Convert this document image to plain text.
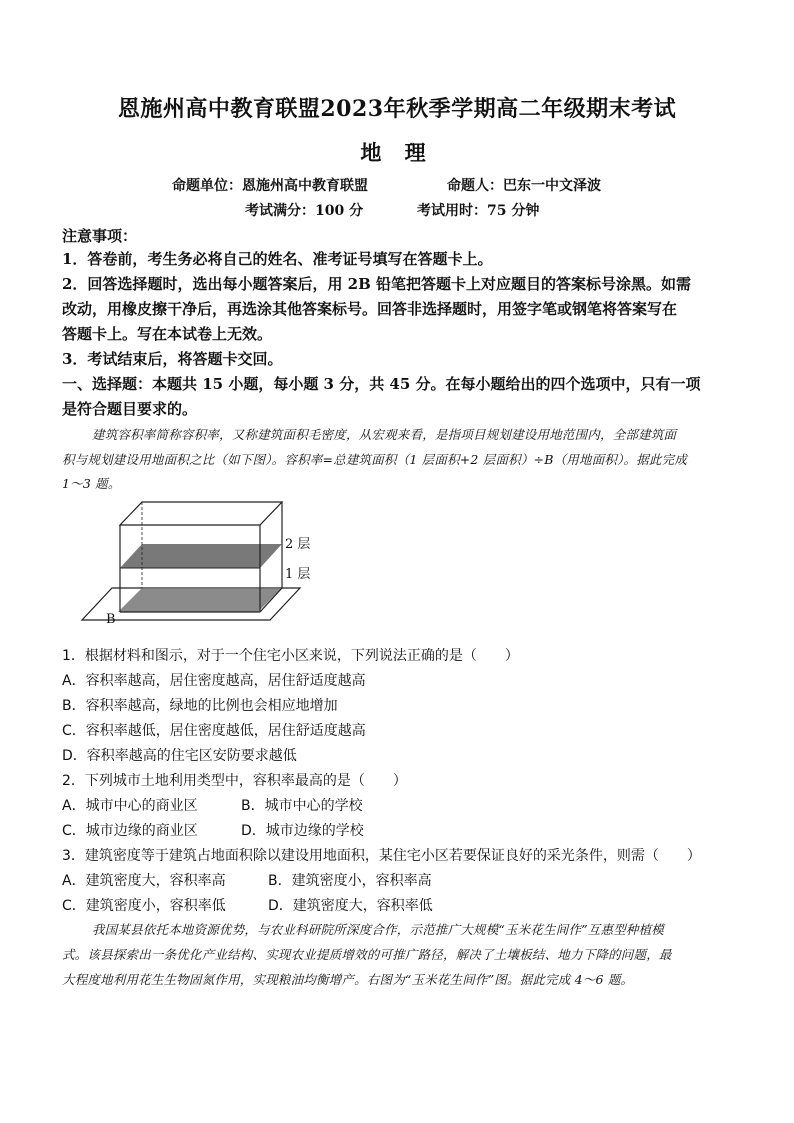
恩施州高中教育联盟2023年秋季学期高二年级期末考试
地 理
命题单位：恩施州高中教育联盟	命题人：巴东一中文泽波
考试满分：100 分	考试用时：75 分钟
注意事项：
1．答卷前，考生务必将自己的姓名、准考证号填写在答题卡上。
2．回答选择题时，选出每小题答案后，用 2B 铅笔把答题卡上对应题目的答案标号涂黑。如需
改动，用橡皮擦干净后，再选涂其他答案标号。回答非选择题时，用签字笔或钢笔将答案写在
答题卡上。写在本试卷上无效。
3．考试结束后，将答题卡交回。
一、选择题：本题共 15 小题，每小题 3 分，共 45 分。在每小题给出的四个选项中，只有一项
是符合题目要求的。
建筑容积率简称容积率，又称建筑面积毛密度，从宏观来看，是指项目规划建设用地范围内，全部建筑面
积与规划建设用地面积之比（如下图）。容积率=总建筑面积（1 层面积+2 层面积）÷B（用地面积）。据此完成
1～3 题。
2 层
1 层
B
1．根据材料和图示，对于一个住宅小区来说，下列说法正确的是（　　）
A．容积率越高，居住密度越高，居住舒适度越高
B．容积率越高，绿地的比例也会相应地增加
C．容积率越低，居住密度越低，居住舒适度越高
D．容积率越高的住宅区安防要求越低
2．下列城市土地利用类型中，容积率最高的是（　　）
A．城市中心的商业区	B．城市中心的学校
C．城市边缘的商业区	D．城市边缘的学校
3．建筑密度等于建筑占地面积除以建设用地面积，某住宅小区若要保证良好的采光条件，则需（　　）
A．建筑密度大，容积率高	B．建筑密度小，容积率高
C．建筑密度小，容积率低	D．建筑密度大，容积率低
我国某县依托本地资源优势，与农业科研院所深度合作，示范推广大规模“玉米花生间作”互惠型种植模
式。该县探索出一条优化产业结构、实现农业提质增效的可推广路径，解决了土壤板结、地力下降的问题，最
大程度地利用花生生物固氮作用，实现粮油均衡增产。右图为“玉米花生间作”图。据此完成 4～6 题。
